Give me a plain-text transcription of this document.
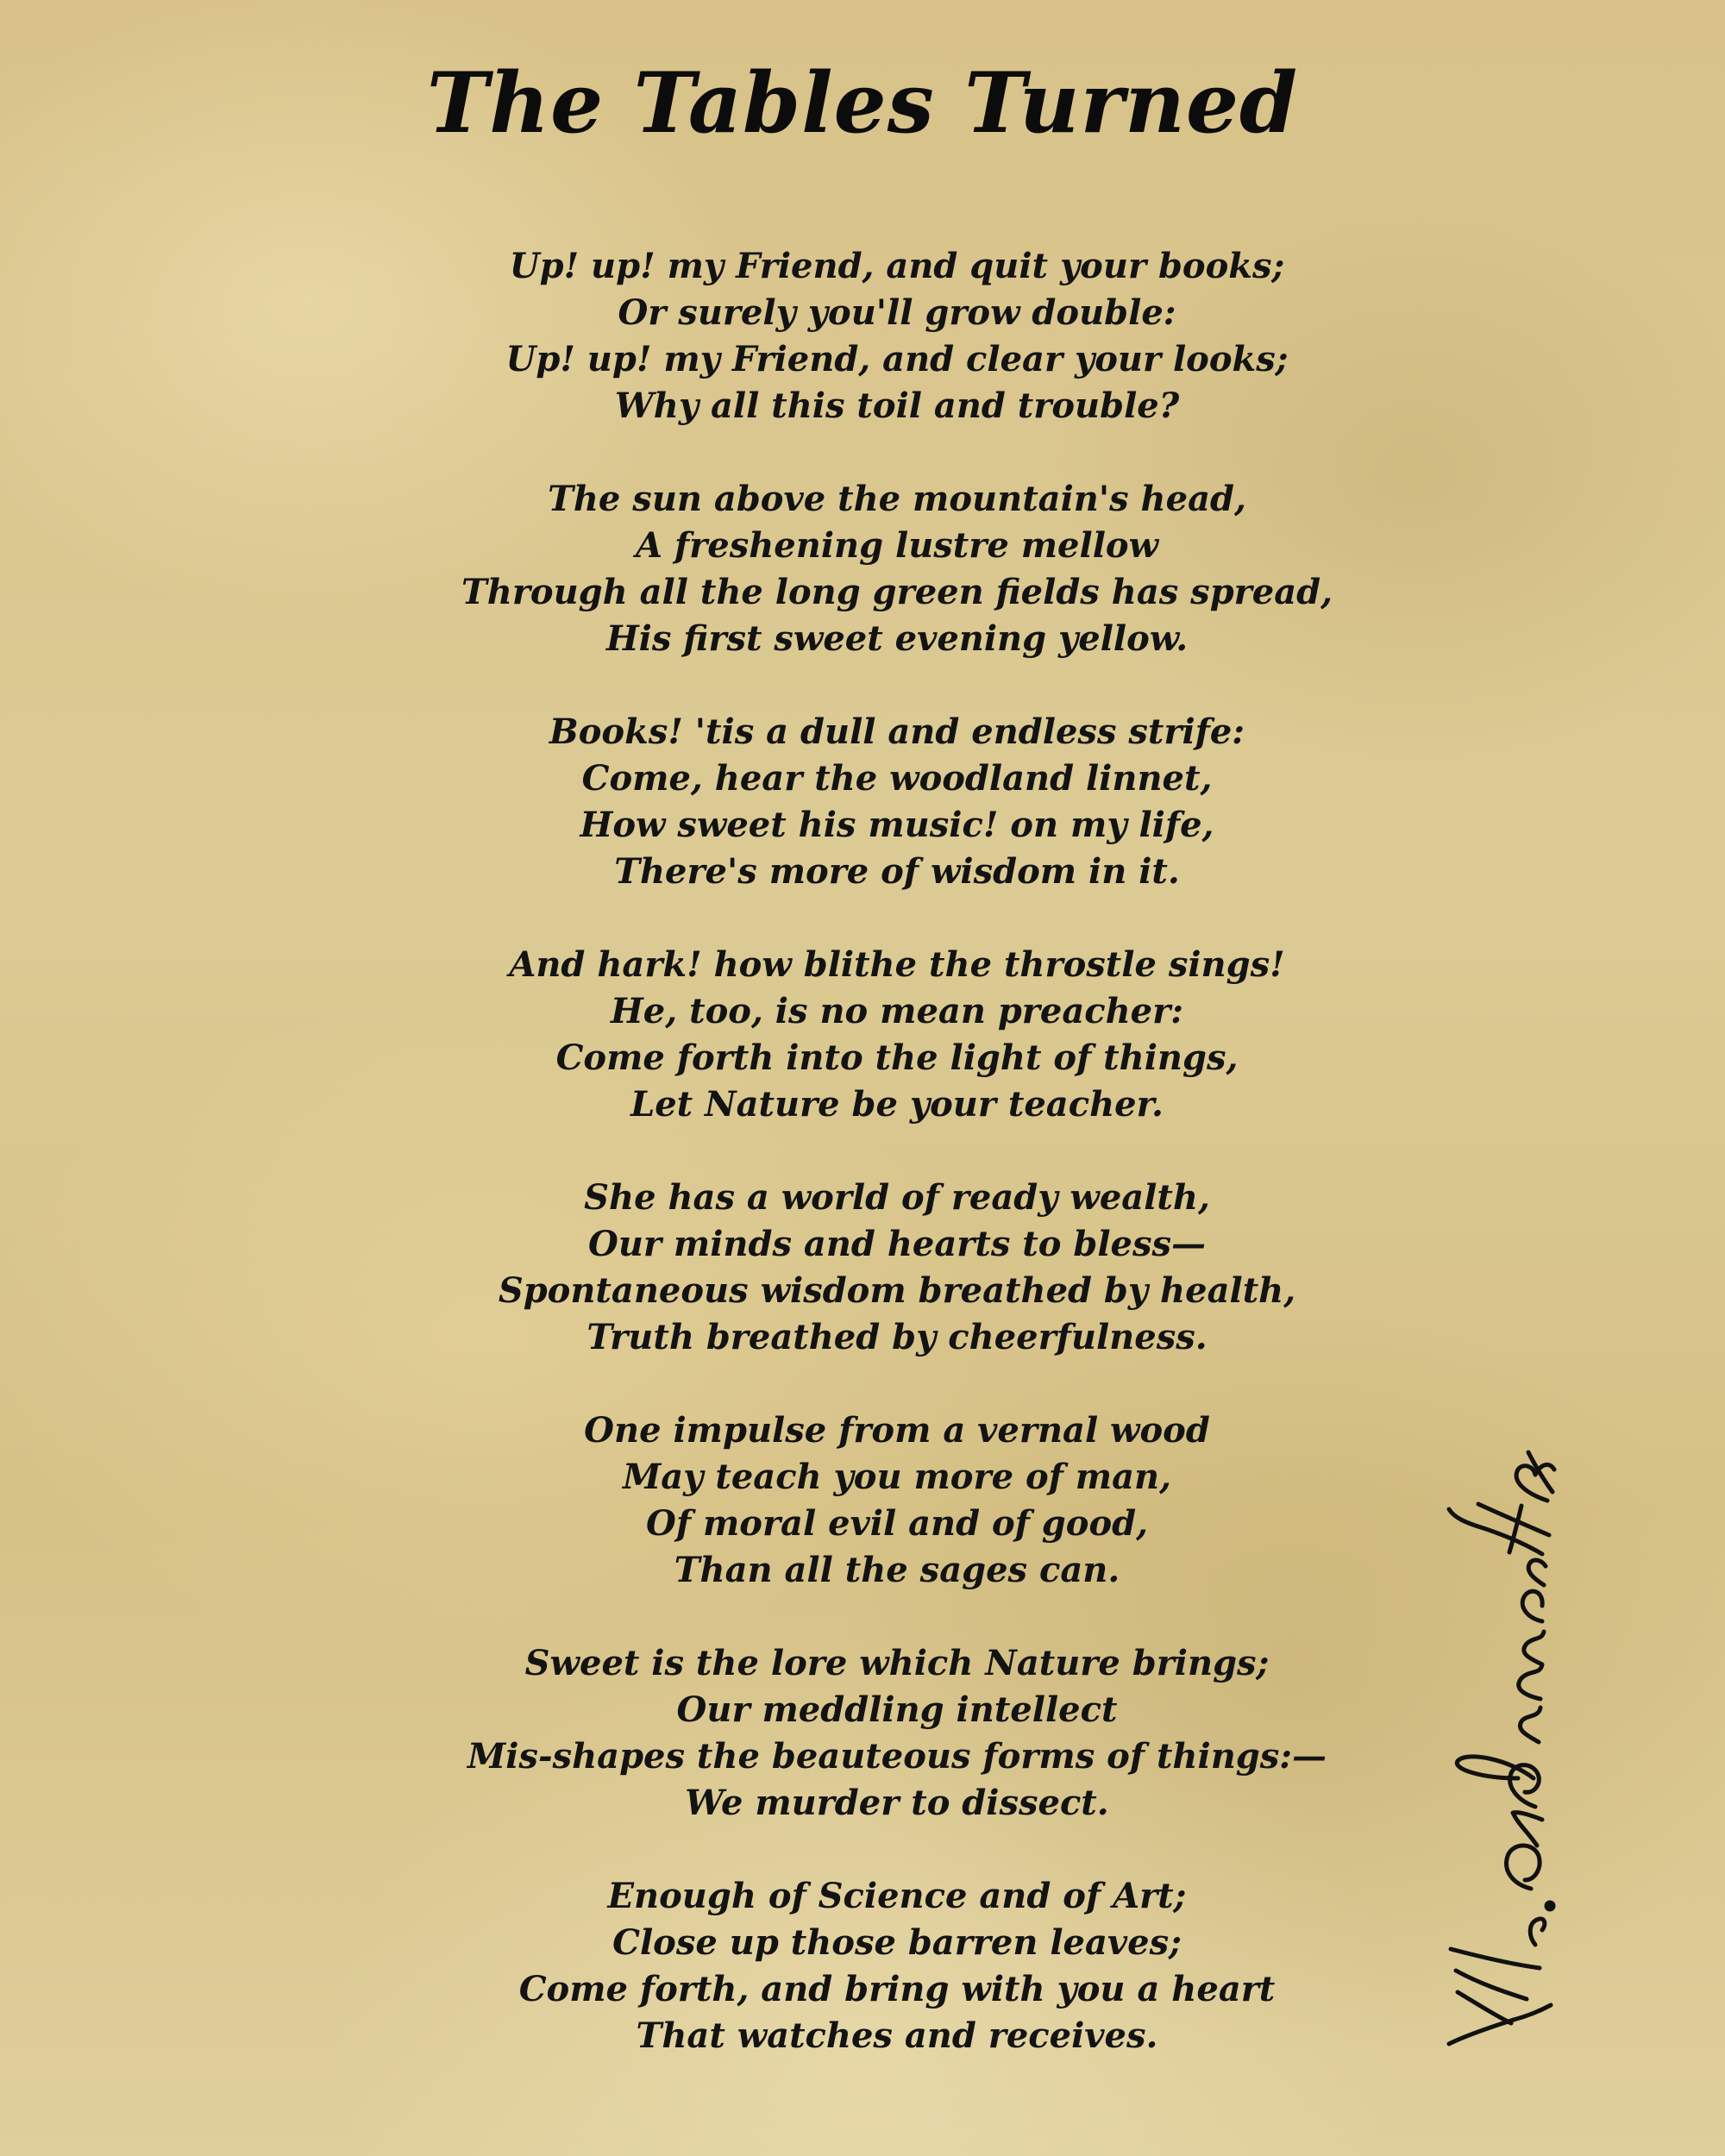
The Tables Turned
Up! up! my Friend, and quit your books;
Or surely you'll grow double:
Up! up! my Friend, and clear your looks;
Why all this toil and trouble?
The sun above the mountain's head,
A freshening lustre mellow
Through all the long green fields has spread,
His first sweet evening yellow.
Books! 'tis a dull and endless strife:
Come, hear the woodland linnet,
How sweet his music! on my life,
There's more of wisdom in it.
And hark! how blithe the throstle sings!
He, too, is no mean preacher:
Come forth into the light of things,
Let Nature be your teacher.
She has a world of ready wealth,
Our minds and hearts to bless—
Spontaneous wisdom breathed by health,
Truth breathed by cheerfulness.
One impulse from a vernal wood
May teach you more of man,
Of moral evil and of good,
Than all the sages can.
Sweet is the lore which Nature brings;
Our meddling intellect
Mis-shapes the beauteous forms of things:—
We murder to dissect.
Enough of Science and of Art;
Close up those barren leaves;
Come forth, and bring with you a heart
That watches and receives.
